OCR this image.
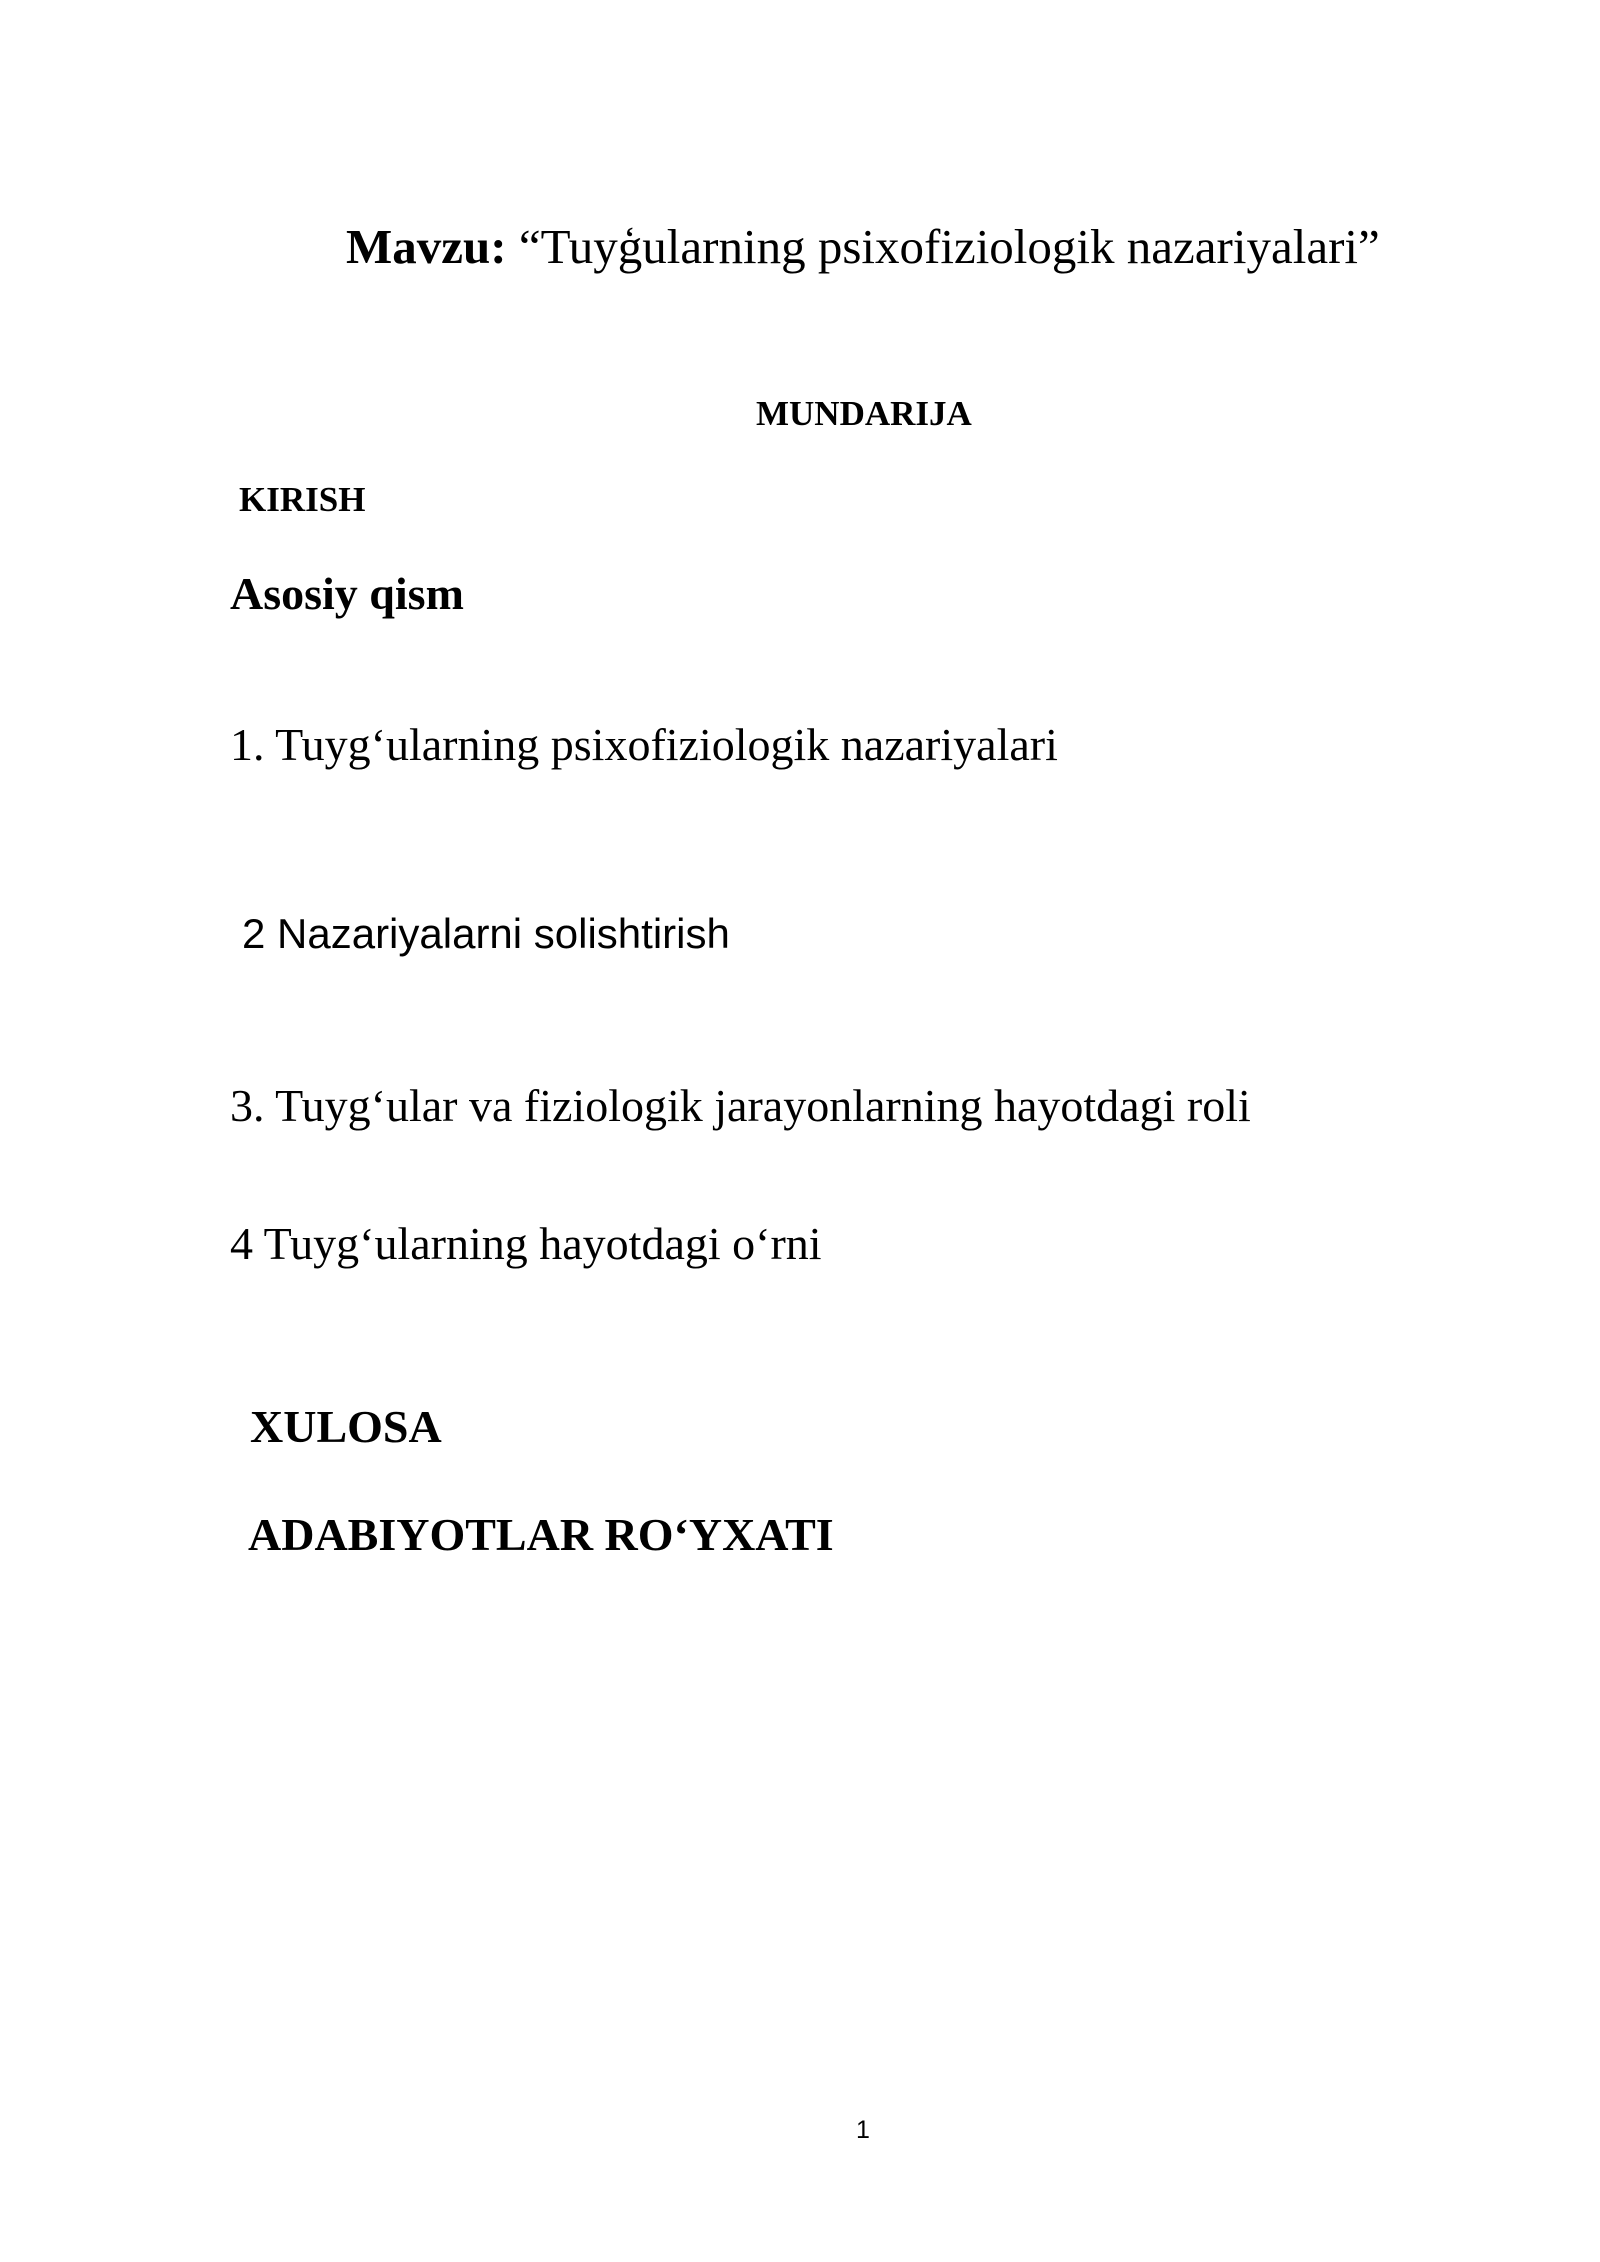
Mavzu: “Tuyģularning psixofiziologik nazariyalari”
MUNDARIJA
KIRISH
Asosiy qism
1. Tuyg‘ularning psixofiziologik nazariyalari
2 Nazariyalarni solishtirish
3. Tuyg‘ular va fiziologik jarayonlarning hayotdagi roli
4 Tuyg‘ularning hayotdagi o‘rni
XULOSA
ADABIYOTLAR RO‘YXATI
1
